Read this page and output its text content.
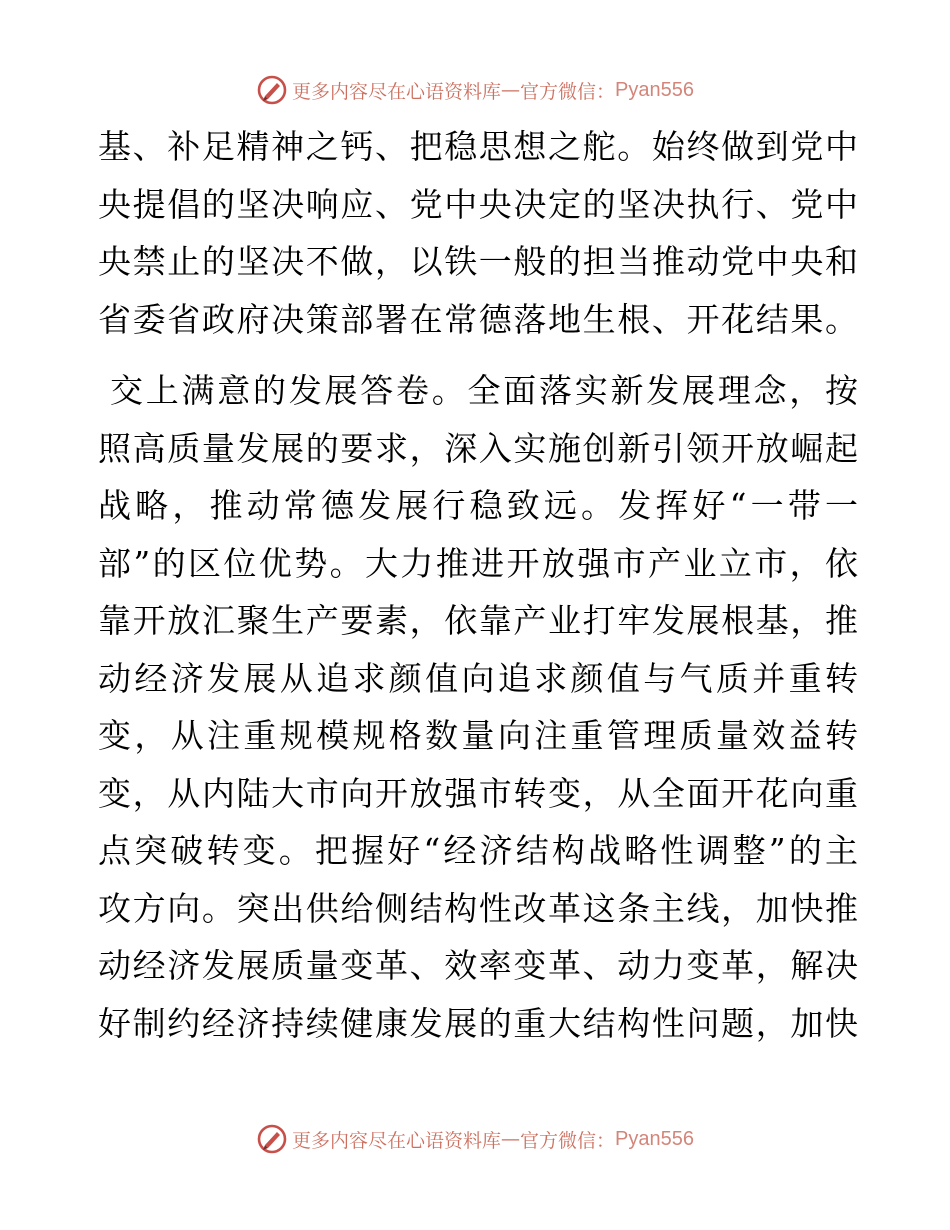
更多内容尽在心语资料库 — 官方微信： Pyan556
基、补足精神之钙、把稳思想之舵。始终做到党中
央提倡的坚决响应、党中央决定的坚决执行、党中
央禁止的坚决不做，以铁一般的担当推动党中央和
省委省政府决策部署在常德落地生根、开花结果。
交上满意的发展答卷。全面落实新发展理念，按
照高质量发展的要求，深入实施创新引领开放崛起
战略，推动常德发展行稳致远。发挥好“一带一
部”的区位优势。大力推进开放强市产业立市，依
靠开放汇聚生产要素，依靠产业打牢发展根基，推
动经济发展从追求颜值向追求颜值与气质并重转
变，从注重规模规格数量向注重管理质量效益转
变，从内陆大市向开放强市转变，从全面开花向重
点突破转变。把握好“经济结构战略性调整”的主
攻方向。突出供给侧结构性改革这条主线，加快推
动经济发展质量变革、效率变革、动力变革，解决
好制约经济持续健康发展的重大结构性问题，加快
更多内容尽在心语资料库 — 官方微信： Pyan556
